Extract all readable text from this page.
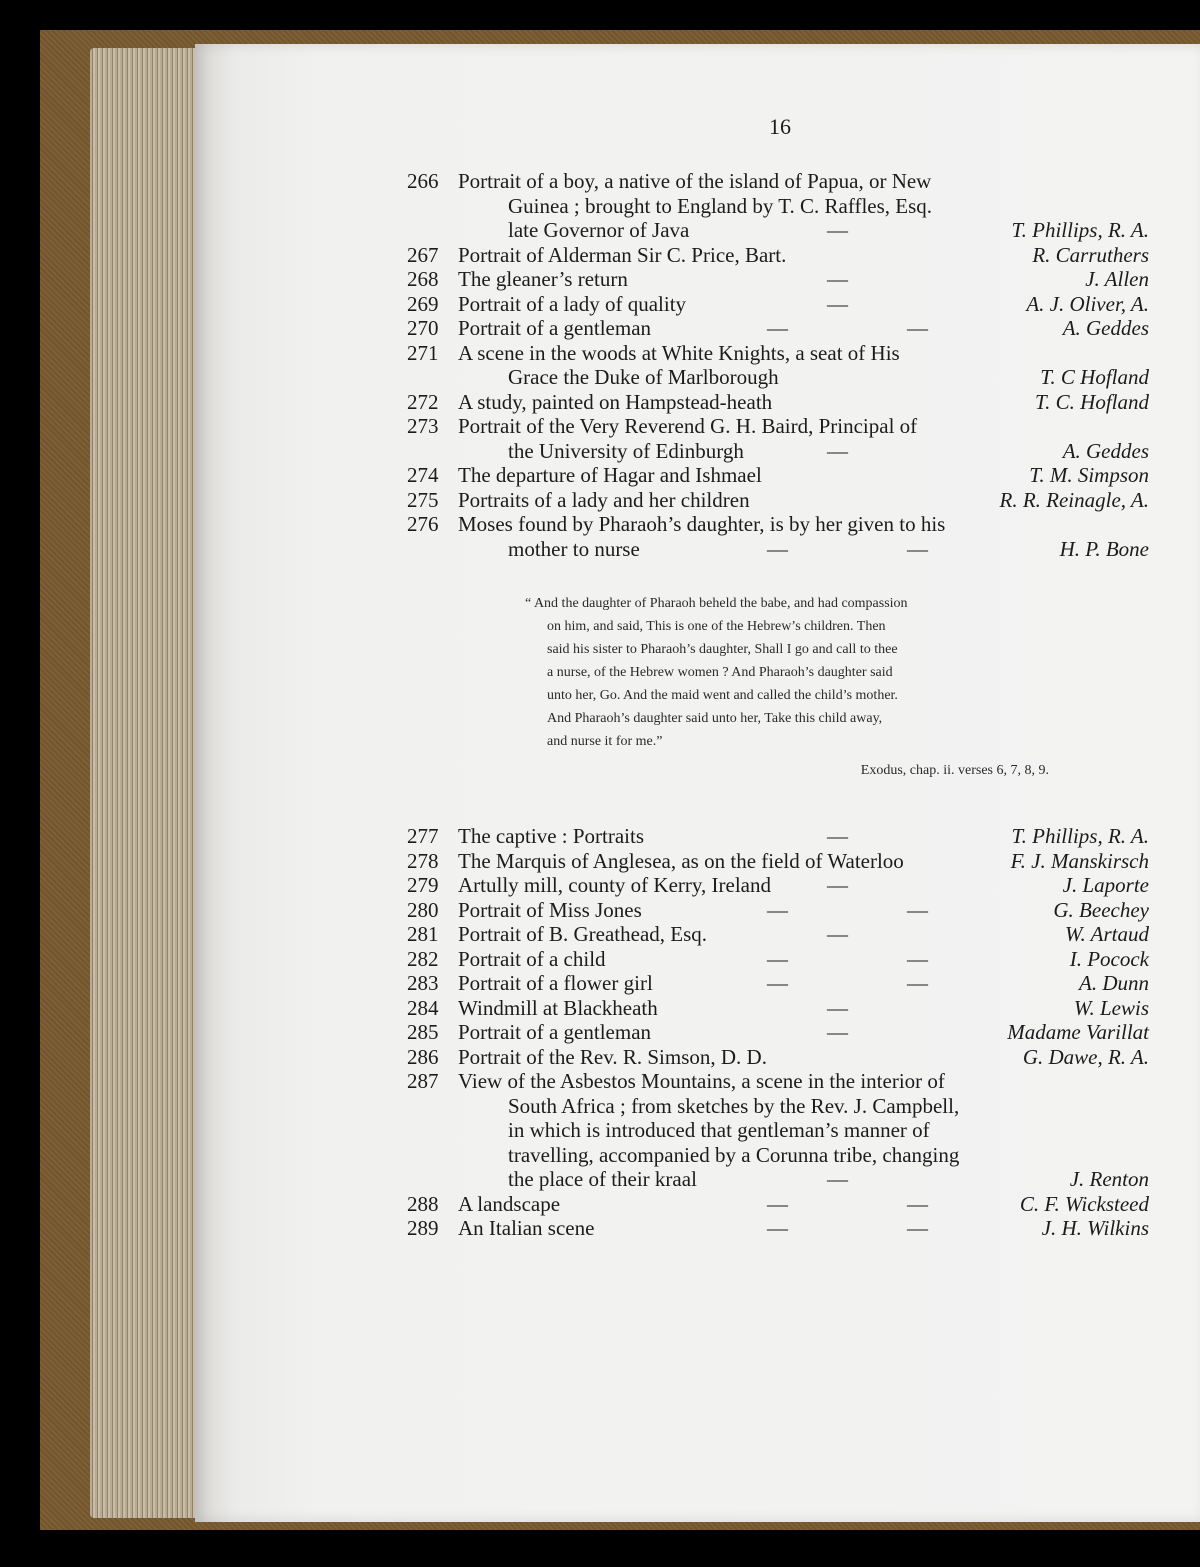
16
266 Portrait of a boy, a native of the island of Papua, or New
Guinea ; brought to England by T. C. Raffles, Esq.
late Governor of Java	—	T. Phillips, R. A.
267 Portrait of Alderman Sir C. Price, Bart.	R. Carruthers
268 The gleaner’s return	—	J. Allen
269 Portrait of a lady of quality	—	A. J. Oliver, A.
270 Portrait of a gentleman	—	—	A. Geddes
271 A scene in the woods at White Knights, a seat of His
Grace the Duke of Marlborough	T. C Hofland
272 A study, painted on Hampstead-heath	T. C. Hofland
273 Portrait of the Very Reverend G. H. Baird, Principal of
the University of Edinburgh	—	A. Geddes
274 The departure of Hagar and Ishmael	T. M. Simpson
275 Portraits of a lady and her children	R. R. Reinagle, A.
276 Moses found by Pharaoh’s daughter, is by her given to his
mother to nurse	—	—	H. P. Bone
“ And the daughter of Pharaoh beheld the babe, and had compassion
on him, and said, This is one of the Hebrew’s children. Then
said his sister to Pharaoh’s daughter, Shall I go and call to thee
a nurse, of the Hebrew women ? And Pharaoh’s daughter said
unto her, Go. And the maid went and called the child’s mother.
And Pharaoh’s daughter said unto her, Take this child away,
and nurse it for me.”
Exodus, chap. ii. verses 6, 7, 8, 9.
277 The captive : Portraits	—	T. Phillips, R. A.
278 The Marquis of Anglesea, as on the field of Waterloo	F. J. Manskirsch
279 Artully mill, county of Kerry, Ireland	—	J. Laporte
280 Portrait of Miss Jones	—	—	G. Beechey
281 Portrait of B. Greathead, Esq.	—	W. Artaud
282 Portrait of a child	—	—	I. Pocock
283 Portrait of a flower girl	—	—	A. Dunn
284 Windmill at Blackheath	—	W. Lewis
285 Portrait of a gentleman	—	Madame Varillat
286 Portrait of the Rev. R. Simson, D. D.	G. Dawe, R. A.
287 View of the Asbestos Mountains, a scene in the interior of
South Africa ; from sketches by the Rev. J. Campbell,
in which is introduced that gentleman’s manner of
travelling, accompanied by a Corunna tribe, changing
the place of their kraal	—	J. Renton
288 A landscape	—	—	C. F. Wicksteed
289 An Italian scene	—	—	J. H. Wilkins
